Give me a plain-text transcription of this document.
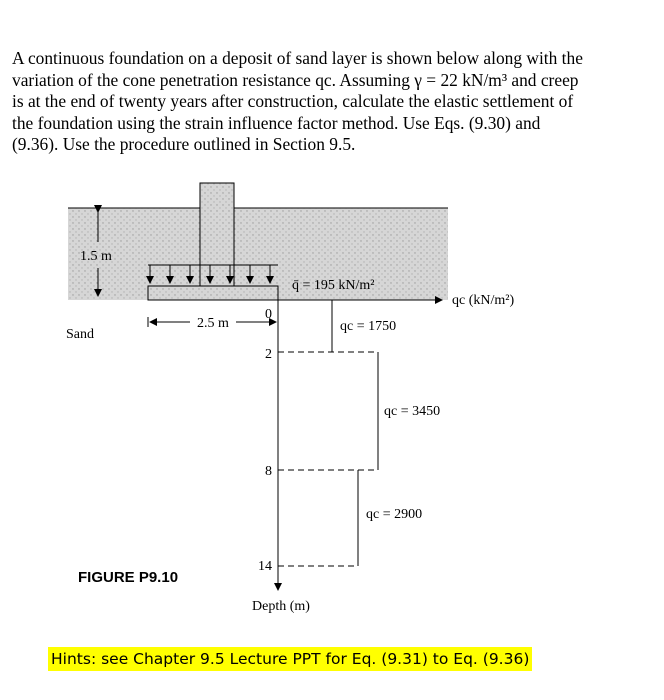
A continuous foundation on a deposit of sand layer is shown below along with the

variation of the cone penetration resistance qc. Assuming γ = 22 kN/m³ and creep

is at the end of twenty years after construction, calculate the elastic settlement of

the foundation using the strain influence factor method. Use Eqs. (9.30) and

(9.36). Use the procedure outlined in Section 9.5.

1.5 m
Sand
2.5 m
q̄ = 195 kN/m²
qc (kN/m²)
Depth (m)
0
2
8
14
qc = 1750
qc = 3450
qc = 2900
FIGURE P9.10
Hints: see Chapter 9.5 Lecture PPT for Eq. (9.31) to Eq. (9.36)
